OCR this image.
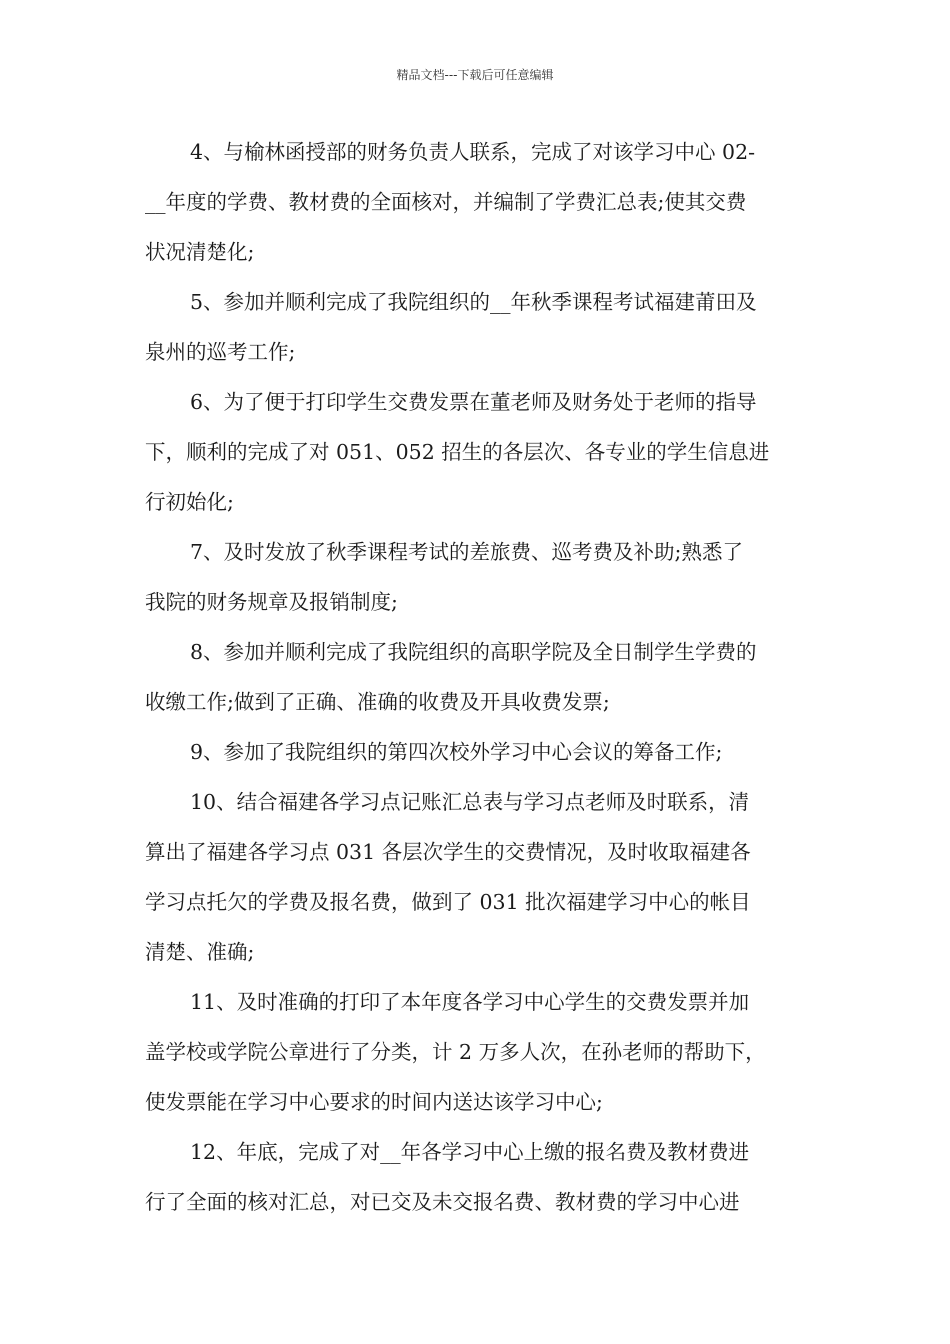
精品文档---下载后可任意编辑
4、与榆林函授部的财务负责人联系，完成了对该学习中心 02-
__年度的学费、教材费的全面核对，并编制了学费汇总表;使其交费
状况清楚化;
5、参加并顺利完成了我院组织的__年秋季课程考试福建莆田及
泉州的巡考工作;
6、为了便于打印学生交费发票在董老师及财务处于老师的指导
下，顺利的完成了对 051、052 招生的各层次、各专业的学生信息进
行初始化;
7、及时发放了秋季课程考试的差旅费、巡考费及补助;熟悉了
我院的财务规章及报销制度;
8、参加并顺利完成了我院组织的高职学院及全日制学生学费的
收缴工作;做到了正确、准确的收费及开具收费发票;
9、参加了我院组织的第四次校外学习中心会议的筹备工作;
10、结合福建各学习点记账汇总表与学习点老师及时联系，清
算出了福建各学习点 031 各层次学生的交费情况，及时收取福建各
学习点托欠的学费及报名费，做到了 031 批次福建学习中心的帐目
清楚、准确;
11、及时准确的打印了本年度各学习中心学生的交费发票并加
盖学校或学院公章进行了分类，计 2 万多人次，在孙老师的帮助下，
使发票能在学习中心要求的时间内送达该学习中心;
12、年底，完成了对__年各学习中心上缴的报名费及教材费进
行了全面的核对汇总，对已交及未交报名费、教材费的学习中心进
